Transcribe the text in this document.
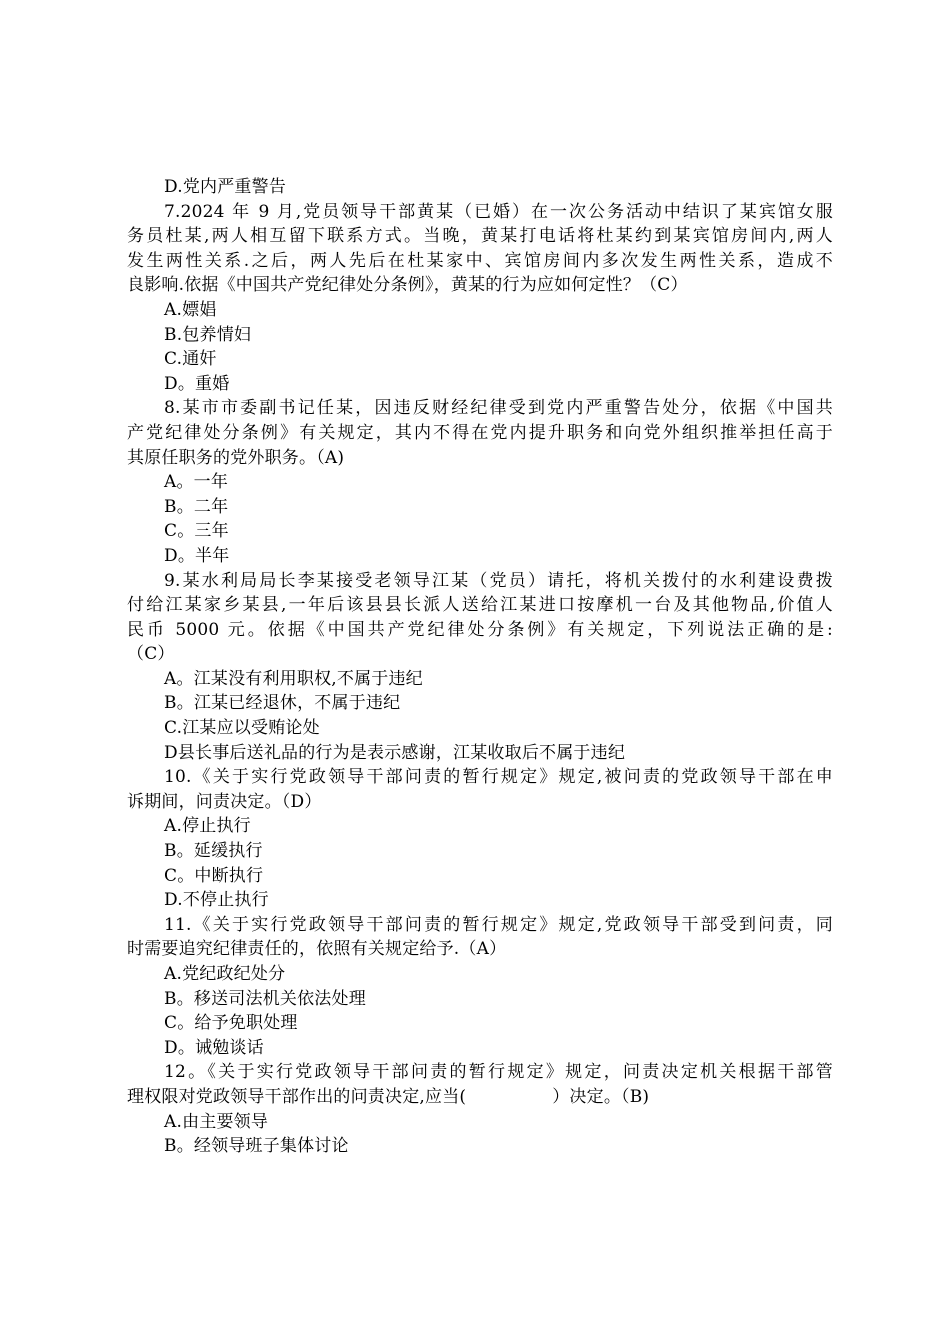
D.党内严重警告
7.2024 年 9 月,党员领导干部黄某（已婚）在一次公务活动中结识了某宾馆女服
务员杜某,两人相互留下联系方式。当晚，黄某打电话将杜某约到某宾馆房间内,两人
发生两性关系.之后，两人先后在杜某家中、宾馆房间内多次发生两性关系，造成不
良影响.依据《中国共产党纪律处分条例》，黄某的行为应如何定性？（C）
A.嫖娼
B.包养情妇
C.通奸
D。重婚
8.某市市委副书记任某，因违反财经纪律受到党内严重警告处分，依据《中国共
产党纪律处分条例》有关规定，其内不得在党内提升职务和向党外组织推举担任高于
其原任职务的党外职务。（A)
A。一年
B。二年
C。三年
D。半年
9.某水利局局长李某接受老领导江某（党员）请托，将机关拨付的水利建设费拨
付给江某家乡某县,一年后该县县长派人送给江某进口按摩机一台及其他物品,价值人
民币 5000 元。依据《中国共产党纪律处分条例》有关规定，下列说法正确的是:
（C）
A。江某没有利用职权,不属于违纪
B。江某已经退休，不属于违纪
C.江某应以受贿论处
D县长事后送礼品的行为是表示感谢，江某收取后不属于违纪
10.《关于实行党政领导干部问责的暂行规定》规定,被问责的党政领导干部在申
诉期间，问责决定。（D）
A.停止执行
B。延缓执行
C。中断执行
D.不停止执行
11.《关于实行党政领导干部问责的暂行规定》规定,党政领导干部受到问责，同
时需要追究纪律责任的，依照有关规定给予.（A）
A.党纪政纪处分
B。移送司法机关依法处理
C。给予免职处理
D。诫勉谈话
12。《关于实行党政领导干部问责的暂行规定》规定，问责决定机关根据干部管
理权限对党政领导干部作出的问责决定,应当(　　　　　）决定。（B)
A.由主要领导
B。经领导班子集体讨论
